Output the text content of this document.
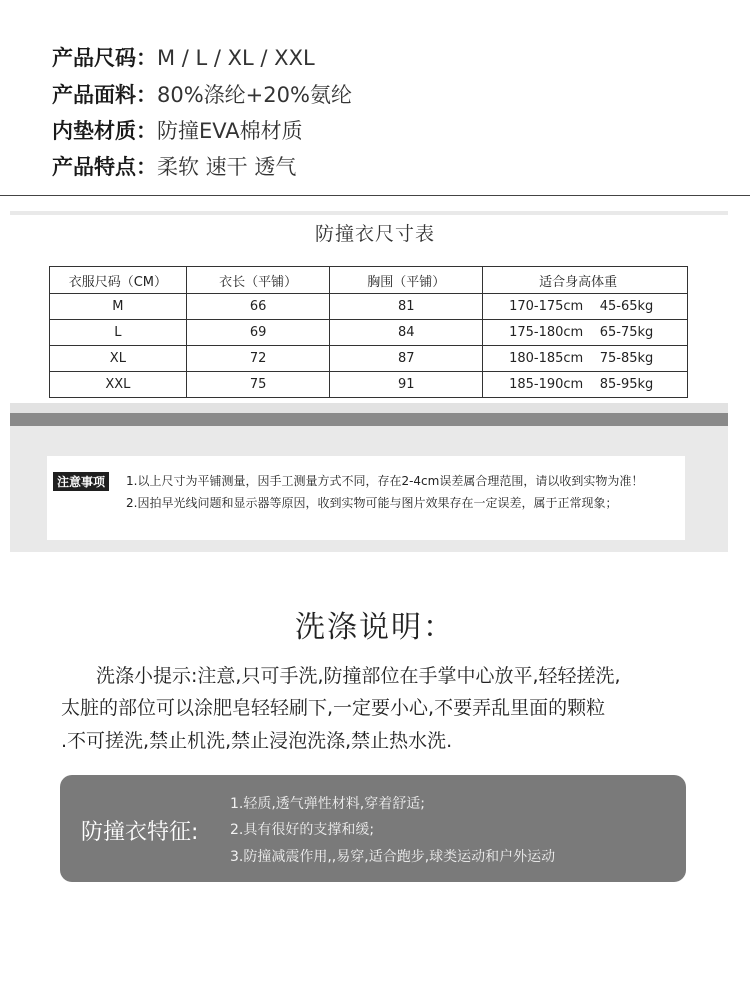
产品尺码：M / L / XL / XXL
产品面料：80%涤纶+20%氨纶
内垫材质：防撞EVA棉材质
产品特点：柔软 速干 透气
防撞衣尺寸表
衣服尺码（CM）	衣长（平铺）	胸围（平铺）	适合身高体重
M	66	81	170-175cm    45-65kg
L	69	84	175-180cm    65-75kg
XL	72	87	180-185cm    75-85kg
XXL	75	91	185-190cm    85-95kg
注意事项	1.以上尺寸为平铺测量，因手工测量方式不同，存在2-4cm误差属合理范围，请以收到实物为准！
2.因拍早光线问题和显示器等原因，收到实物可能与图片效果存在一定误差，属于正常现象；
洗涤说明：
洗涤小提示:注意,只可手洗,防撞部位在手掌中心放平,轻轻搓洗,
太脏的部位可以涂肥皂轻轻刷下,一定要小心,不要弄乱里面的颗粒
.不可搓洗,禁止机洗,禁止浸泡洗涤,禁止热水洗.
防撞衣特征:
1.轻质,透气弹性材料,穿着舒适;
2.具有很好的支撑和缓;
3.防撞减震作用,,易穿,适合跑步,球类运动和户外运动
